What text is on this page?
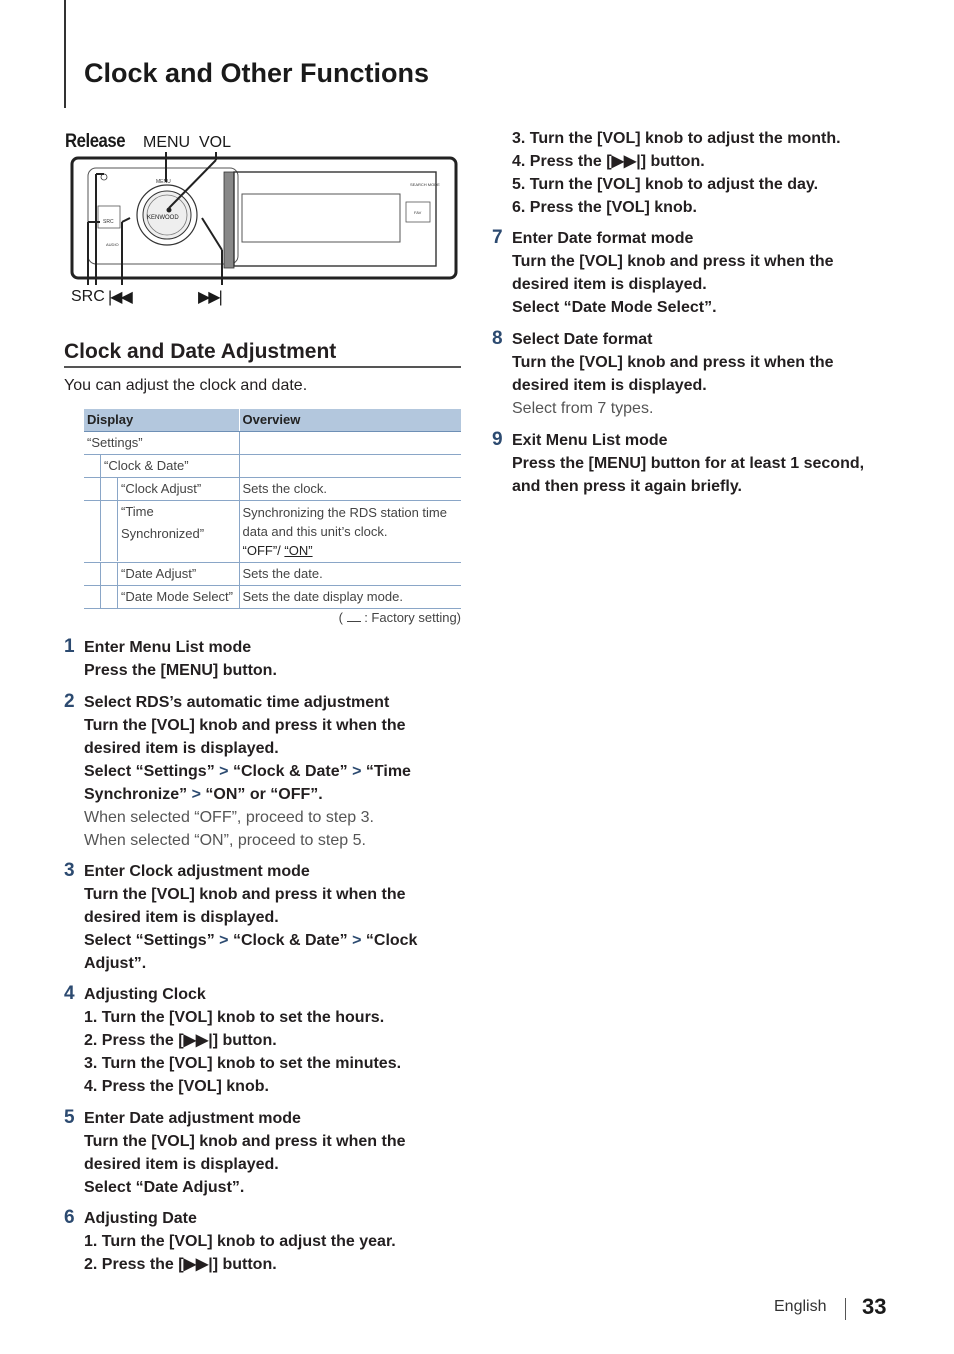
Clock and Other Functions
Release MENU VOL
SRC |◀◀	▶▶|
FAV
SEARCH MODE
KENWOOD
MENU
SRC
AUDIO
Clock and Date Adjustment
You can adjust the clock and date.
Display	Overview

“Settings”	

“Clock & Date”	

“Clock Adjust”	Sets the clock.

“Time Synchronized”	Synchronizing the RDS station time data and this unit’s clock.
“OFF”/ “ON”

“Date Adjust”	Sets the date.

“Date Mode Select”	Sets the date display mode.
(  : Factory setting)
1 Enter Menu List mode
Press the [MENU] button.
2 Select RDS’s automatic time adjustment
Turn the [VOL] knob and press it when the
desired item is displayed.
Select “Settings” > “Clock & Date” > “Time
Synchronize” > “ON” or “OFF”.
When selected “OFF”, proceed to step 3.
When selected “ON”, proceed to step 5.
3 Enter Clock adjustment mode
Turn the [VOL] knob and press it when the
desired item is displayed.
Select “Settings” > “Clock & Date” > “Clock
Adjust”.
4 Adjusting Clock
1. Turn the [VOL] knob to set the hours.
2. Press the [▶▶|] button.
3. Turn the [VOL] knob to set the minutes.
4. Press the [VOL] knob.
5 Enter Date adjustment mode
Turn the [VOL] knob and press it when the
desired item is displayed.
Select “Date Adjust”.
6 Adjusting Date
1. Turn the [VOL] knob to adjust the year.
2. Press the [▶▶|] button.
3. Turn the [VOL] knob to adjust the month.
4. Press the [▶▶|] button.
5. Turn the [VOL] knob to adjust the day.
6. Press the [VOL] knob.
7 Enter Date format mode
Turn the [VOL] knob and press it when the
desired item is displayed.
Select “Date Mode Select”.
8 Select Date format
Turn the [VOL] knob and press it when the
desired item is displayed.
Select from 7 types.
9 Exit Menu List mode
Press the [MENU] button for at least 1 second,
and then press it again briefly.
English 33
